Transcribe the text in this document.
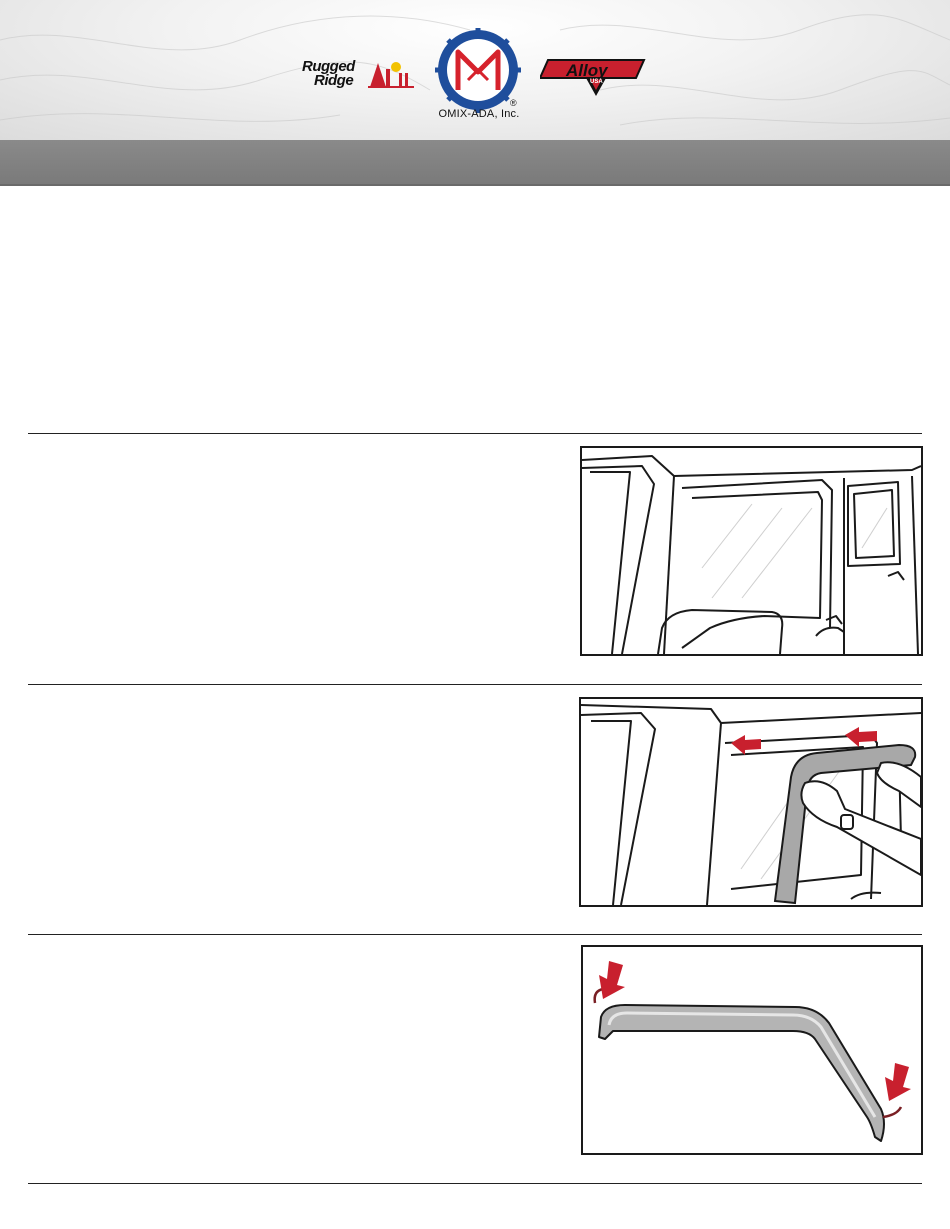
Rugged
Ridge
®
OMIX-ADA, Inc.
Alloy
USA
